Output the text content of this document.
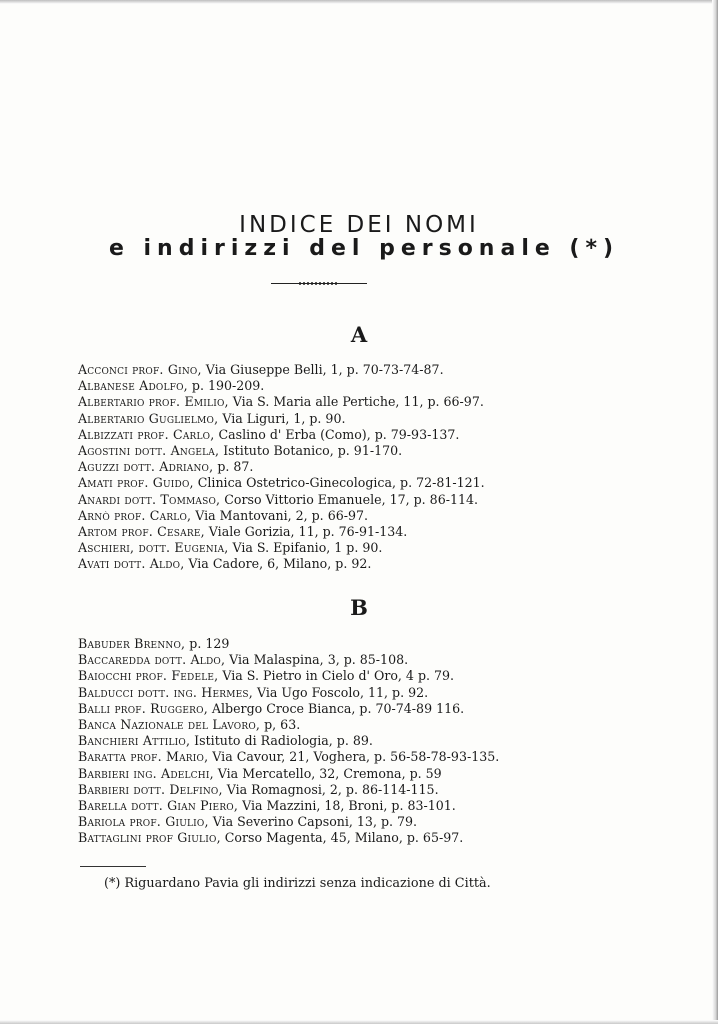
INDICE DEI NOMI
e indirizzi del personale (*)
A
Acconci prof. Gino, Via Giuseppe Belli, 1, p. 70-73-74-87.
Albanese Adolfo, p. 190-209.
Albertario prof. Emilio, Via S. Maria alle Pertiche, 11, p. 66-97.
Albertario Guglielmo, Via Liguri, 1, p. 90.
Albizzati prof. Carlo, Caslino d' Erba (Como), p. 79-93-137.
Agostini dott. Angela, Istituto Botanico, p. 91-170.
Aguzzi dott. Adriano, p. 87.
Amati prof. Guido, Clinica Ostetrico-Ginecologica, p. 72-81-121.
Anardi dott. Tommaso, Corso Vittorio Emanuele, 17, p. 86-114.
Arnò prof. Carlo, Via Mantovani, 2, p. 66-97.
Artom prof. Cesare, Viale Gorizia, 11, p. 76-91-134.
Aschieri, dott. Eugenia, Via S. Epifanio, 1 p. 90.
Avati dott. Aldo, Via Cadore, 6, Milano, p. 92.
B
Babuder Brenno, p. 129
Baccaredda dott. Aldo, Via Malaspina, 3, p. 85-108.
Baiocchi prof. Fedele, Via S. Pietro in Cielo d' Oro, 4 p. 79.
Balducci dott. ing. Hermes, Via Ugo Foscolo, 11, p. 92.
Balli prof. Ruggero, Albergo Croce Bianca, p. 70-74-89 116.
Banca Nazionale del Lavoro, p, 63.
Banchieri Attilio, Istituto di Radiologia, p. 89.
Baratta prof. Mario, Via Cavour, 21, Voghera, p. 56-58-78-93-135.
Barbieri ing. Adelchi, Via Mercatello, 32, Cremona, p. 59
Barbieri dott. Delfino, Via Romagnosi, 2, p. 86-114-115.
Barella dott. Gian Piero, Via Mazzini, 18, Broni, p. 83-101.
Bariola prof. Giulio, Via Severino Capsoni, 13, p. 79.
Battaglini prof Giulio, Corso Magenta, 45, Milano, p. 65-97.
(*) Riguardano Pavia gli indirizzi senza indicazione di Città.
